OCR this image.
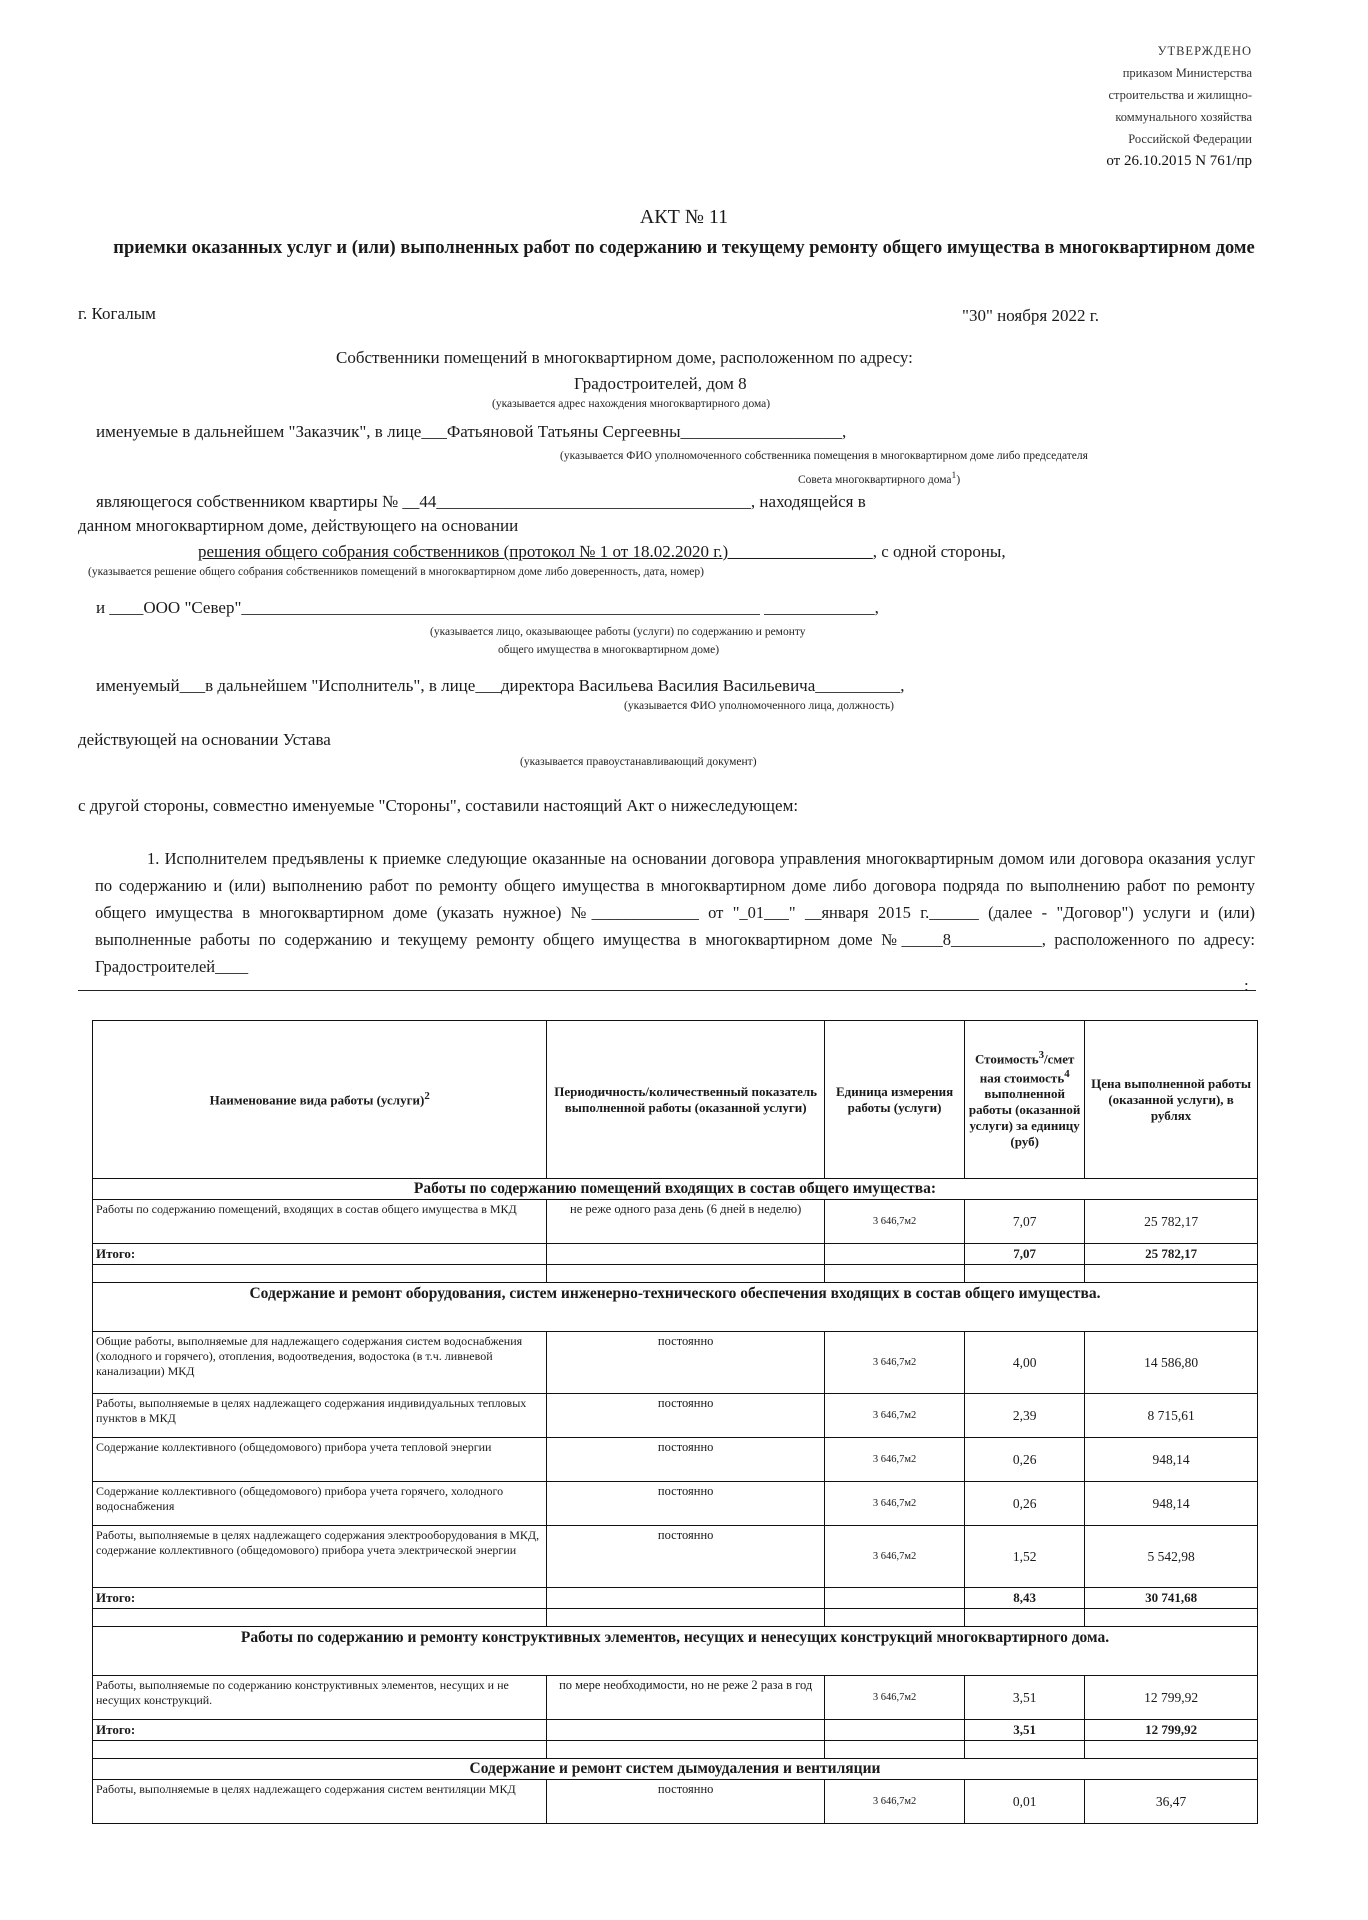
УТВЕРЖДЕНО
приказом Министерства
строительства и жилищно-
коммунального хозяйства
Российской Федерации
от 26.10.2015 N 761/пр
АКТ № 11
приемки оказанных услуг и (или) выполненных работ по содержанию и текущему ремонту общего имущества в многоквартирном доме
г. Когалым	"30" ноября 2022 г.
Собственники помещений в многоквартирном доме, расположенном по адресу:
Градостроителей, дом 8
(указывается адрес нахождения многоквартирного дома)
именуемые в дальнейшем "Заказчик", в лице___Фатьяновой Татьяны Сергеевны___________________,
(указывается ФИО уполномоченного собственника помещения в многоквартирном доме либо председателя
Совета многоквартирного дома$^1$)
являющегося собственником квартиры № __44_____________________________________, находящейся в
данном многоквартирном доме, действующего на основании
решения общего собрания собственников (протокол № 1 от 18.02.2020 г.)_________________, с одной стороны,
(указывается решение общего собрания собственников помещений в многоквартирном доме либо доверенность, дата, номер)
и ____ООО "Север"_____________________________________________________________ _____________,
(указывается лицо, оказывающее работы (услуги) по содержанию и ремонту
общего имущества в многоквартирном доме)
именуемый___в дальнейшем "Исполнитель", в лице___директора Васильева Василия Васильевича__________,
(указывается ФИО уполномоченного лица, должность)
действующей на основании Устава
(указывается правоустанавливающий документ)
с другой стороны, совместно именуемые "Стороны", составили настоящий Акт о нижеследующем:
1. Исполнителем предъявлены к приемке следующие оказанные на основании договора управления многоквартирным домом или договора оказания услуг по содержанию и (или) выполнению работ по ремонту общего имущества в многоквартирном доме либо договора подряда по выполнению работ по ремонту общего имущества в многоквартирном доме (указать нужное) №_____________ от "_01___" __января 2015 г.______ (далее - "Договор") услуги и (или) выполненные работы по содержанию и текущему ремонту общего имущества в многоквартирном доме №_____8___________, расположенного по адресу: Градостроителей____
:
Наименование вида работы (услуги)$^2$	Периодичность/количественный показатель выполненной работы (оказанной услуги)	Единица измерения работы (услуги)	Стоимость$^3$/смет ная стоимость$^4$ выполненной работы (оказанной услуги) за единицу (руб)	Цена выполненной работы (оказанной услуги), в рублях
Работы по содержанию помещений входящих в состав общего имущества:				
Работы по содержанию помещений, входящих в состав общего имущества в МКД	не реже одного раза день (6 дней в неделю)	3 646,7м2	7,07	25 782,17
Итого:			7,07	25 782,17

Содержание и ремонт оборудования, систем инженерно-технического обеспечения входящих в состав общего имущества.				
Общие работы, выполняемые для надлежащего содержания систем водоснабжения (холодного и горячего), отопления, водоотведения, водостока (в т.ч. ливневой канализации) МКД	постоянно	3 646,7м2	4,00	14 586,80
Работы, выполняемые в целях надлежащего содержания индивидуальных тепловых пунктов в МКД	постоянно	3 646,7м2	2,39	8 715,61
Содержание коллективного (общедомового) прибора учета тепловой энергии	постоянно	3 646,7м2	0,26	948,14
Содержание коллективного (общедомового) прибора учета горячего, холодного водоснабжения	постоянно	3 646,7м2	0,26	948,14
Работы, выполняемые в целях надлежащего содержания электрооборудования в МКД, содержание коллективного (общедомового) прибора учета электрической энергии	постоянно	3 646,7м2	1,52	5 542,98
Итого:			8,43	30 741,68

Работы по содержанию и ремонту конструктивных элементов, несущих и ненесущих конструкций многоквартирного дома.				
Работы, выполняемые по содержанию конструктивных элементов, несущих и не несущих конструкций.	по мере необходимости, но не реже 2 раза в год	3 646,7м2	3,51	12 799,92
Итого:			3,51	12 799,92

Содержание и ремонт систем дымоудаления и вентиляции				
Работы, выполняемые в целях надлежащего содержания систем вентиляции МКД	постоянно	3 646,7м2	0,01	36,47
